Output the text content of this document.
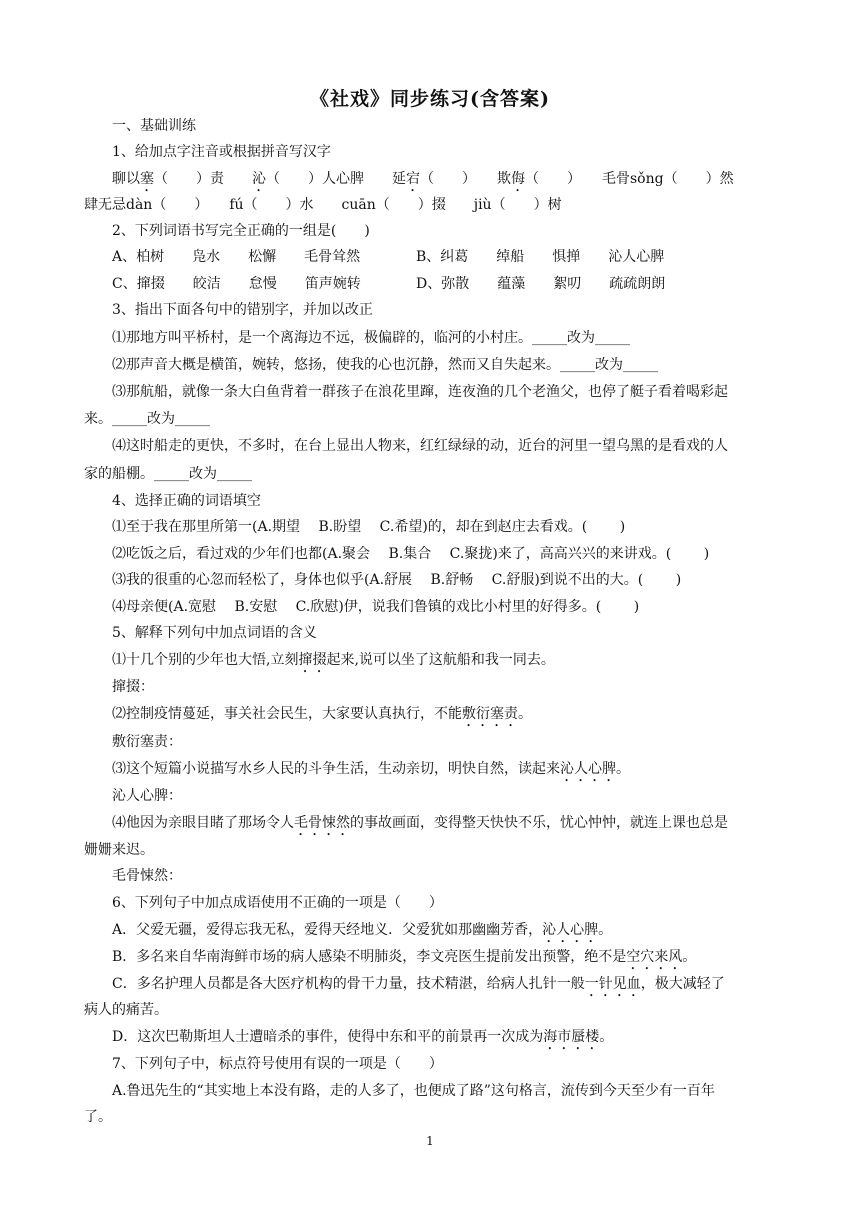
《社戏》同步练习(含答案)
一、基础训练
1、给加点字注音或根据拼音写汉字
聊以塞（　　）责　　沁（　　）人心脾　　延宕（　　）　　欺侮（　　）　　毛骨sǒng（　　）然
肆无忌dàn（　　）　　fú（　　）水　　cuān（　　）掇　　jiù（　　）树
2、下列词语书写完全正确的一组是(　　)
A、柏树　　凫水　　松懈　　毛骨耸然	B、纠葛　　绰船　　惧掸　　沁人心脾
C、撺掇　　皎洁　　怠慢　　笛声婉转	D、弥散　　蕴藻　　絮叨　　疏疏朗朗
3、指出下面各句中的错别字，并加以改正
⑴那地方叫平桥村，是一个离海边不远，极偏辟的，临河的小村庄。_____改为_____
⑵那声音大概是横笛，婉转，悠扬，使我的心也沉静，然而又自失起来。_____改为_____
⑶那航船，就像一条大白鱼背着一群孩子在浪花里蹿，连夜渔的几个老渔父，也停了艇子看着喝彩起
来。_____改为_____
⑷这时船走的更快，不多时，在台上显出人物来，红红绿绿的动，近台的河里一望乌黑的是看戏的人
家的船棚。_____改为_____
4、选择正确的词语填空
⑴至于我在那里所第一(A.期望　 B.盼望　 C.希望)的，却在到赵庄去看戏。(　　 )
⑵吃饭之后，看过戏的少年们也都(A.聚会　 B.集合　 C.聚拢)来了，高高兴兴的来讲戏。(　　 )
⑶我的很重的心忽而轻松了，身体也似乎(A.舒展　 B.舒畅　 C.舒服)到说不出的大。(　　 )
⑷母亲便(A.宽慰　 B.安慰　 C.欣慰)伊，说我们鲁镇的戏比小村里的好得多。(　　 )
5、解释下列句中加点词语的含义
⑴十几个别的少年也大悟,立刻撺掇起来,说可以坐了这航船和我一同去。
撺掇：
⑵控制疫情蔓延，事关社会民生，大家要认真执行，不能敷衍塞责。
敷衍塞责：
⑶这个短篇小说描写水乡人民的斗争生活，生动亲切，明快自然，读起来沁人心脾。
沁人心脾：
⑷他因为亲眼目睹了那场令人毛骨悚然的事故画面，变得整天快快不乐，忧心忡忡，就连上课也总是
姗姗来迟。
毛骨悚然：
6、下列句子中加点成语使用不正确的一项是（　　）
A．父爱无疆，爱得忘我无私，爱得天经地义．父爱犹如那幽幽芳香，沁人心脾。
B．多名来自华南海鲜市场的病人感染不明肺炎，李文亮医生提前发出预警，绝不是空穴来风。
C．多名护理人员都是各大医疗机构的骨干力量，技术精湛，给病人扎针一般一针见血，极大减轻了
病人的痛苦。
D．这次巴勒斯坦人士遭暗杀的事件，使得中东和平的前景再一次成为海市蜃楼。
7、下列句子中，标点符号使用有误的一项是（　　）
A.鲁迅先生的“其实地上本没有路，走的人多了，也便成了路”这句格言，流传到今天至少有一百年
了。
1
